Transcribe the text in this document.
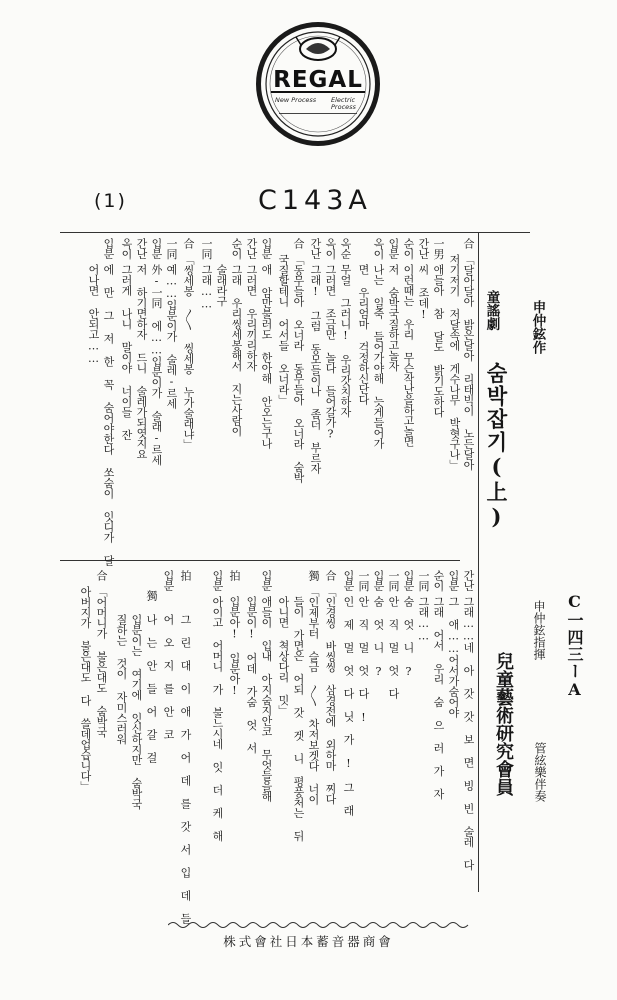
REGAL
New Process Electric Process
(1)	C143A
申仲鉉作
童謠劇
숨박잡기(上)
申仲鉉指揮
兒童藝術研究會員 管絃樂伴奏
C一四三ーA
合
「달아달아 밝은달아 리태빅이 노든달아
저기저기 저달속에 게수나무 박혓구나」
一男
애들아 참 달도 밝기도하다
간난
씨 조데!
순이
이런때는 우리 무슨작난을하고놀면
입분
저 숨박국질하고놀자
옥이
나는 일죽 들어가야해 늣게들어가
면 우리엄마 걱정하신단다
옥순
무얼 그러니! 우리갓치하자
옥이
그러면 조금만 놀다 들어갈가?
간난
그래! 그럼 동모들이나 좀더 부르자
合
「동무들아 오너라 동무들아 오너라 숨박
국질할테니 어서들 오너라」
입분
애 암만불러도 한아해 안오는구나
간난
그러면 우리끼리하자
순이
그래 우리씽세봉해서 지는사람이
술래라구
一同
그래……
合
「씽세봉 〱 씽세봉 누가술래냐」
一同
예……입분이가 술레-르세
입분
外-一同 에……입분이가 술래-르세
간난
저 하기면하자 드니 술레가되엿지요
옥이
그러게 나니 말이야 너이들 잔
입분
에 만 그 저 한 꼭 숨어야한다 쏘숨이 잇디가 달
어나면 안되고……
간난
그래……네 아 갓 갓 보 면 빙 빈 술레 다
입분
그 애……어서가숨어야
순이
그래 어서 우리 숨 으 러 가 자
一同
그래……
입분
숨 엇 니 ?
一同
안 직 멀 엇 다
입분
숨 엇 니 ?
一同
안 직 멀 엇 다 !
입분
인 제 멀 엇 다 닛 가 ! 그 래
合
「인경씽 바씽씽 삼경전에 외하마 찌다
獨
「인제부터 슬금 〱 차저보겟다 너이
들이 가면은 어되 갓 겟 니 평풍처는 뒤
아니면 쳑상다리 밋」
입분
애들이 입내 아지숨지안코 무엇들을해
입분이! 어데 가숨 엇 서
拍
입분아! 입분아!
입분
아이고 어머니 가 불느시네 잇 더 케 해
拍
그 린 대 이 애 가 어 데 를 갓 서 입 데 들
입분
어 오 지 를 안 코
獨
나 는 안 들 어 갈 걸
입분이는 여기에 잇신하지만 숨박국
질하는 것이 자미스러워
合
「어머니가 불은대도 숨박국
아버지가 불은대도 다 쓸데업습니다」
株式會社日本蓄音器商會
